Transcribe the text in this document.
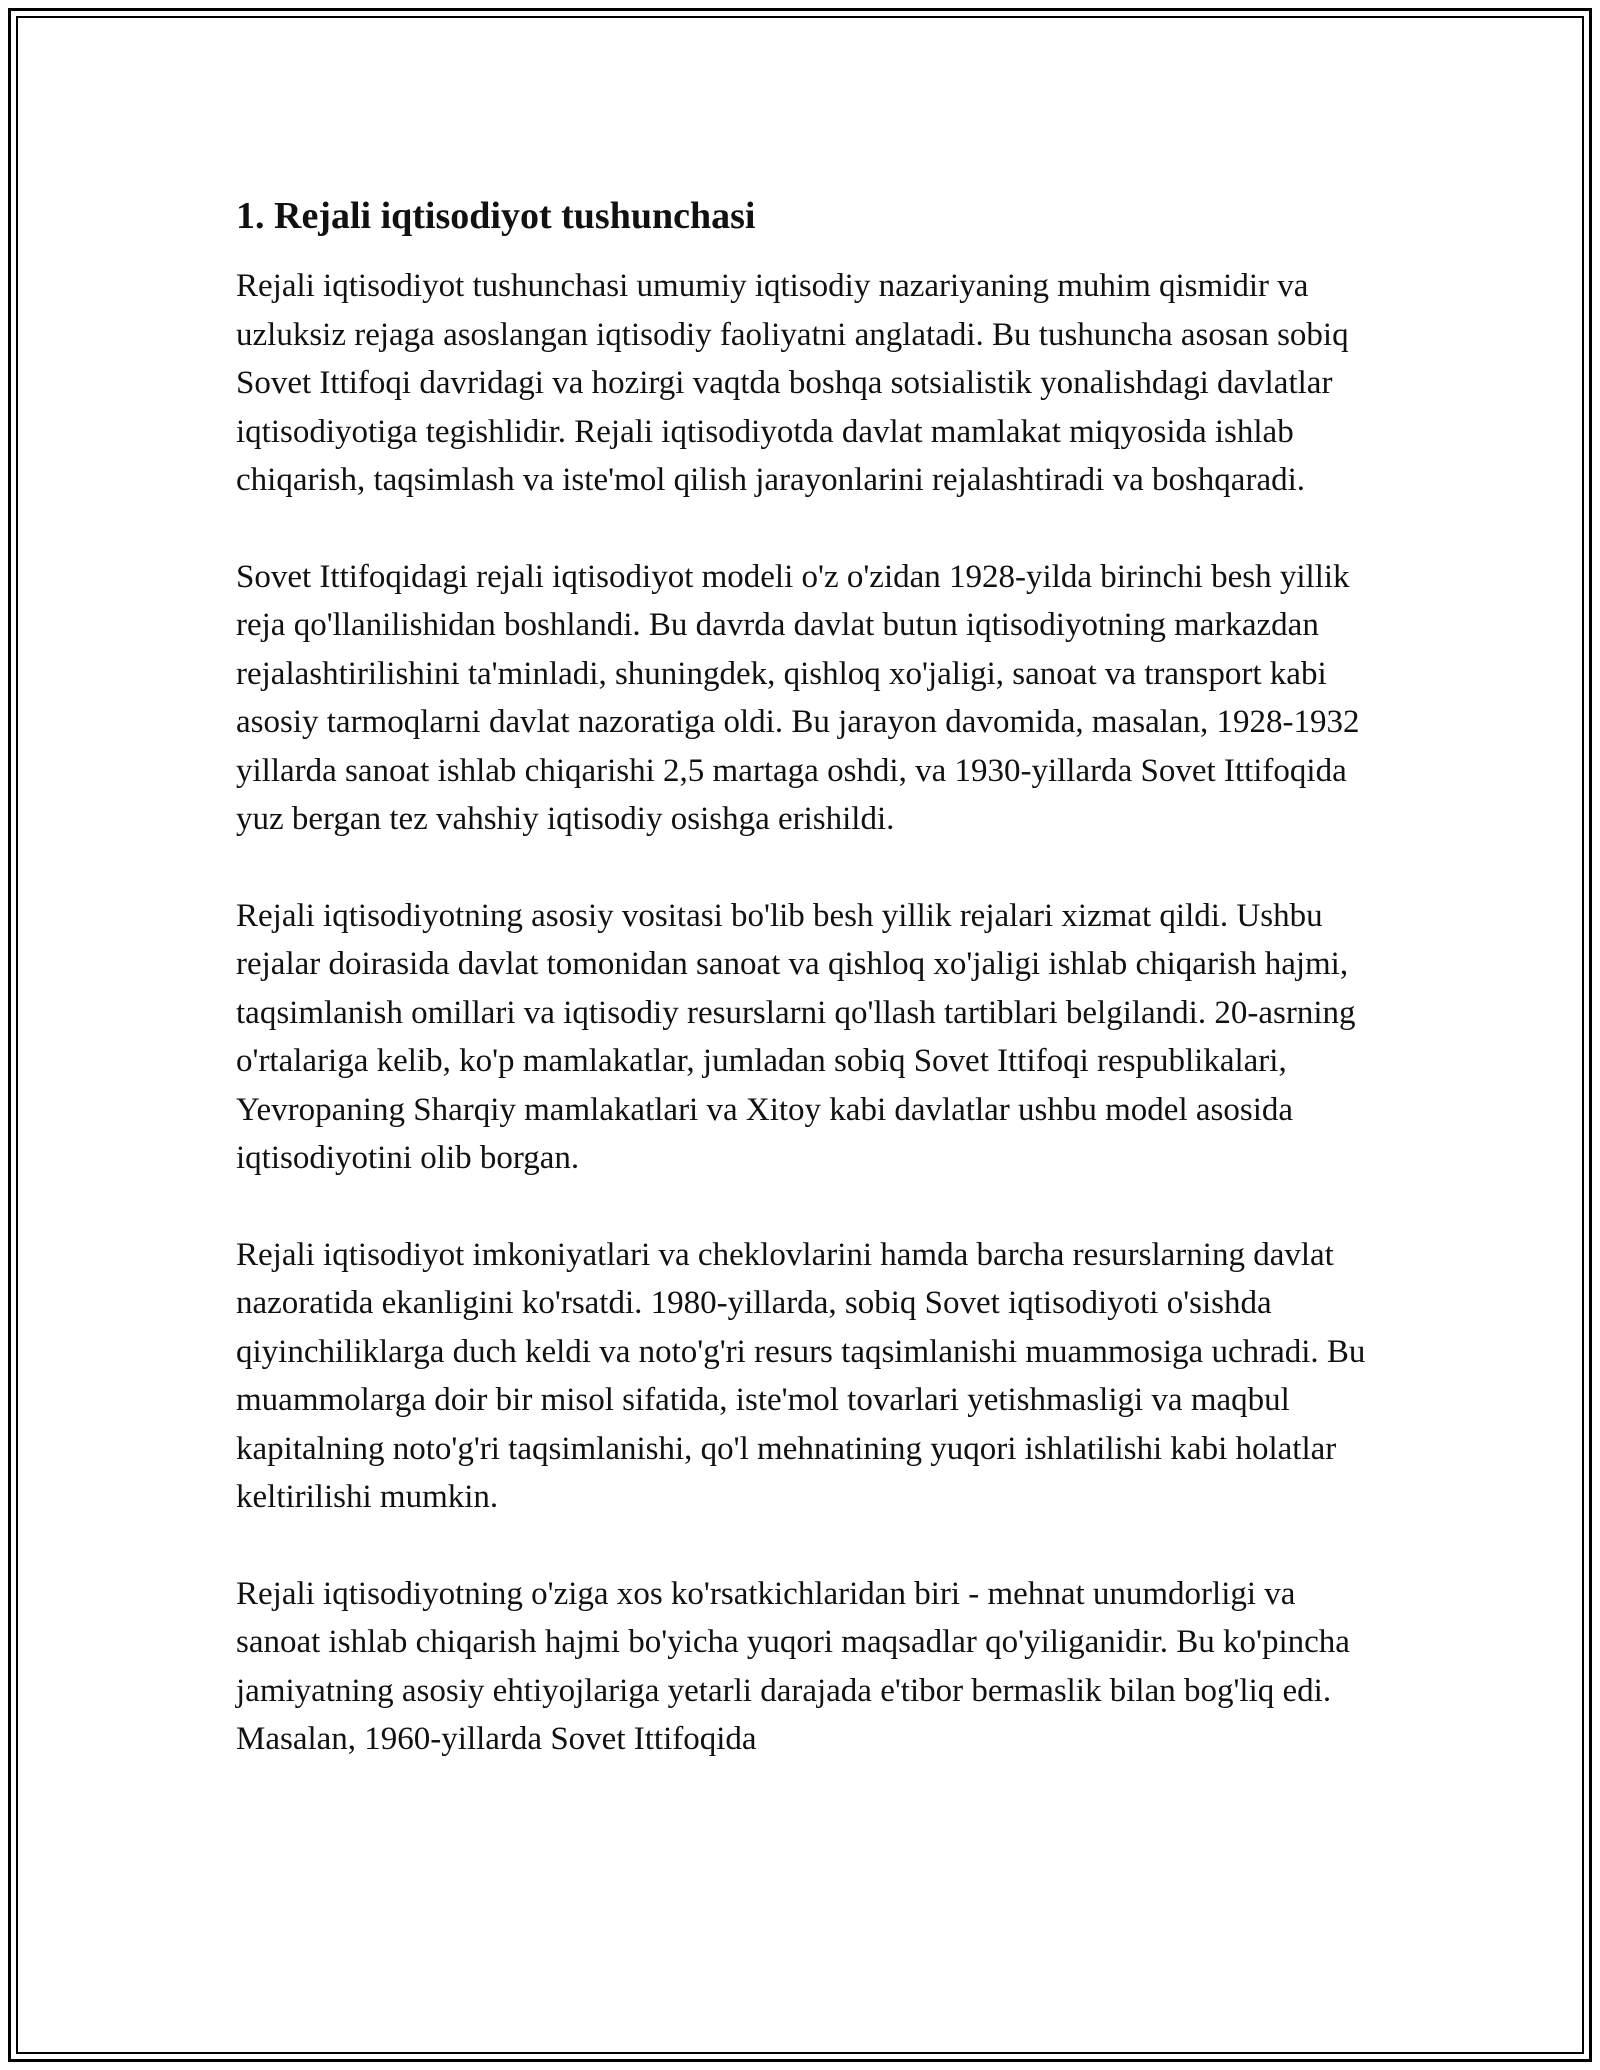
1. Rejali iqtisodiyot tushunchasi

Rejali iqtisodiyot tushunchasi umumiy iqtisodiy nazariyaning muhim qismidir va uzluksiz rejaga asoslangan iqtisodiy faoliyatni anglatadi. Bu tushuncha asosan sobiq Sovet Ittifoqi davridagi va hozirgi vaqtda boshqa sotsialistik yonalishdagi davlatlar iqtisodiyotiga tegishlidir. Rejali iqtisodiyotda davlat mamlakat miqyosida ishlab chiqarish, taqsimlash va iste'mol qilish jarayonlarini rejalashtiradi va boshqaradi.

Sovet Ittifoqidagi rejali iqtisodiyot modeli o'z o'zidan 1928-yilda birinchi besh yillik reja qo'llanilishidan boshlandi. Bu davrda davlat butun iqtisodiyotning markazdan rejalashtirilishini ta'minladi, shuningdek, qishloq xo'jaligi, sanoat va transport kabi asosiy tarmoqlarni davlat nazoratiga oldi. Bu jarayon davomida, masalan, 1928-1932 yillarda sanoat ishlab chiqarishi 2,5 martaga oshdi, va 1930-yillarda Sovet Ittifoqida yuz bergan tez vahshiy iqtisodiy osishga erishildi.

Rejali iqtisodiyotning asosiy vositasi bo'lib besh yillik rejalari xizmat qildi. Ushbu rejalar doirasida davlat tomonidan sanoat va qishloq xo'jaligi ishlab chiqarish hajmi, taqsimlanish omillari va iqtisodiy resurslarni qo'llash tartiblari belgilandi. 20-asrning o'rtalariga kelib, ko'p mamlakatlar, jumladan sobiq Sovet Ittifoqi respublikalari, Yevropaning Sharqiy mamlakatlari va Xitoy kabi davlatlar ushbu model asosida iqtisodiyotini olib borgan.

Rejali iqtisodiyot imkoniyatlari va cheklovlarini hamda barcha resurslarning davlat nazoratida ekanligini ko'rsatdi. 1980-yillarda, sobiq Sovet iqtisodiyoti o'sishda qiyinchiliklarga duch keldi va noto'g'ri resurs taqsimlanishi muammosiga uchradi. Bu muammolarga doir bir misol sifatida, iste'mol tovarlari yetishmasligi va maqbul kapitalning noto'g'ri taqsimlanishi, qo'l mehnatining yuqori ishlatilishi kabi holatlar keltirilishi mumkin.

Rejali iqtisodiyotning o'ziga xos ko'rsatkichlaridan biri - mehnat unumdorligi va sanoat ishlab chiqarish hajmi bo'yicha yuqori maqsadlar qo'yiliganidir. Bu ko'pincha jamiyatning asosiy ehtiyojlariga yetarli darajada e'tibor bermaslik bilan bog'liq edi. Masalan, 1960-yillarda Sovet Ittifoqida
